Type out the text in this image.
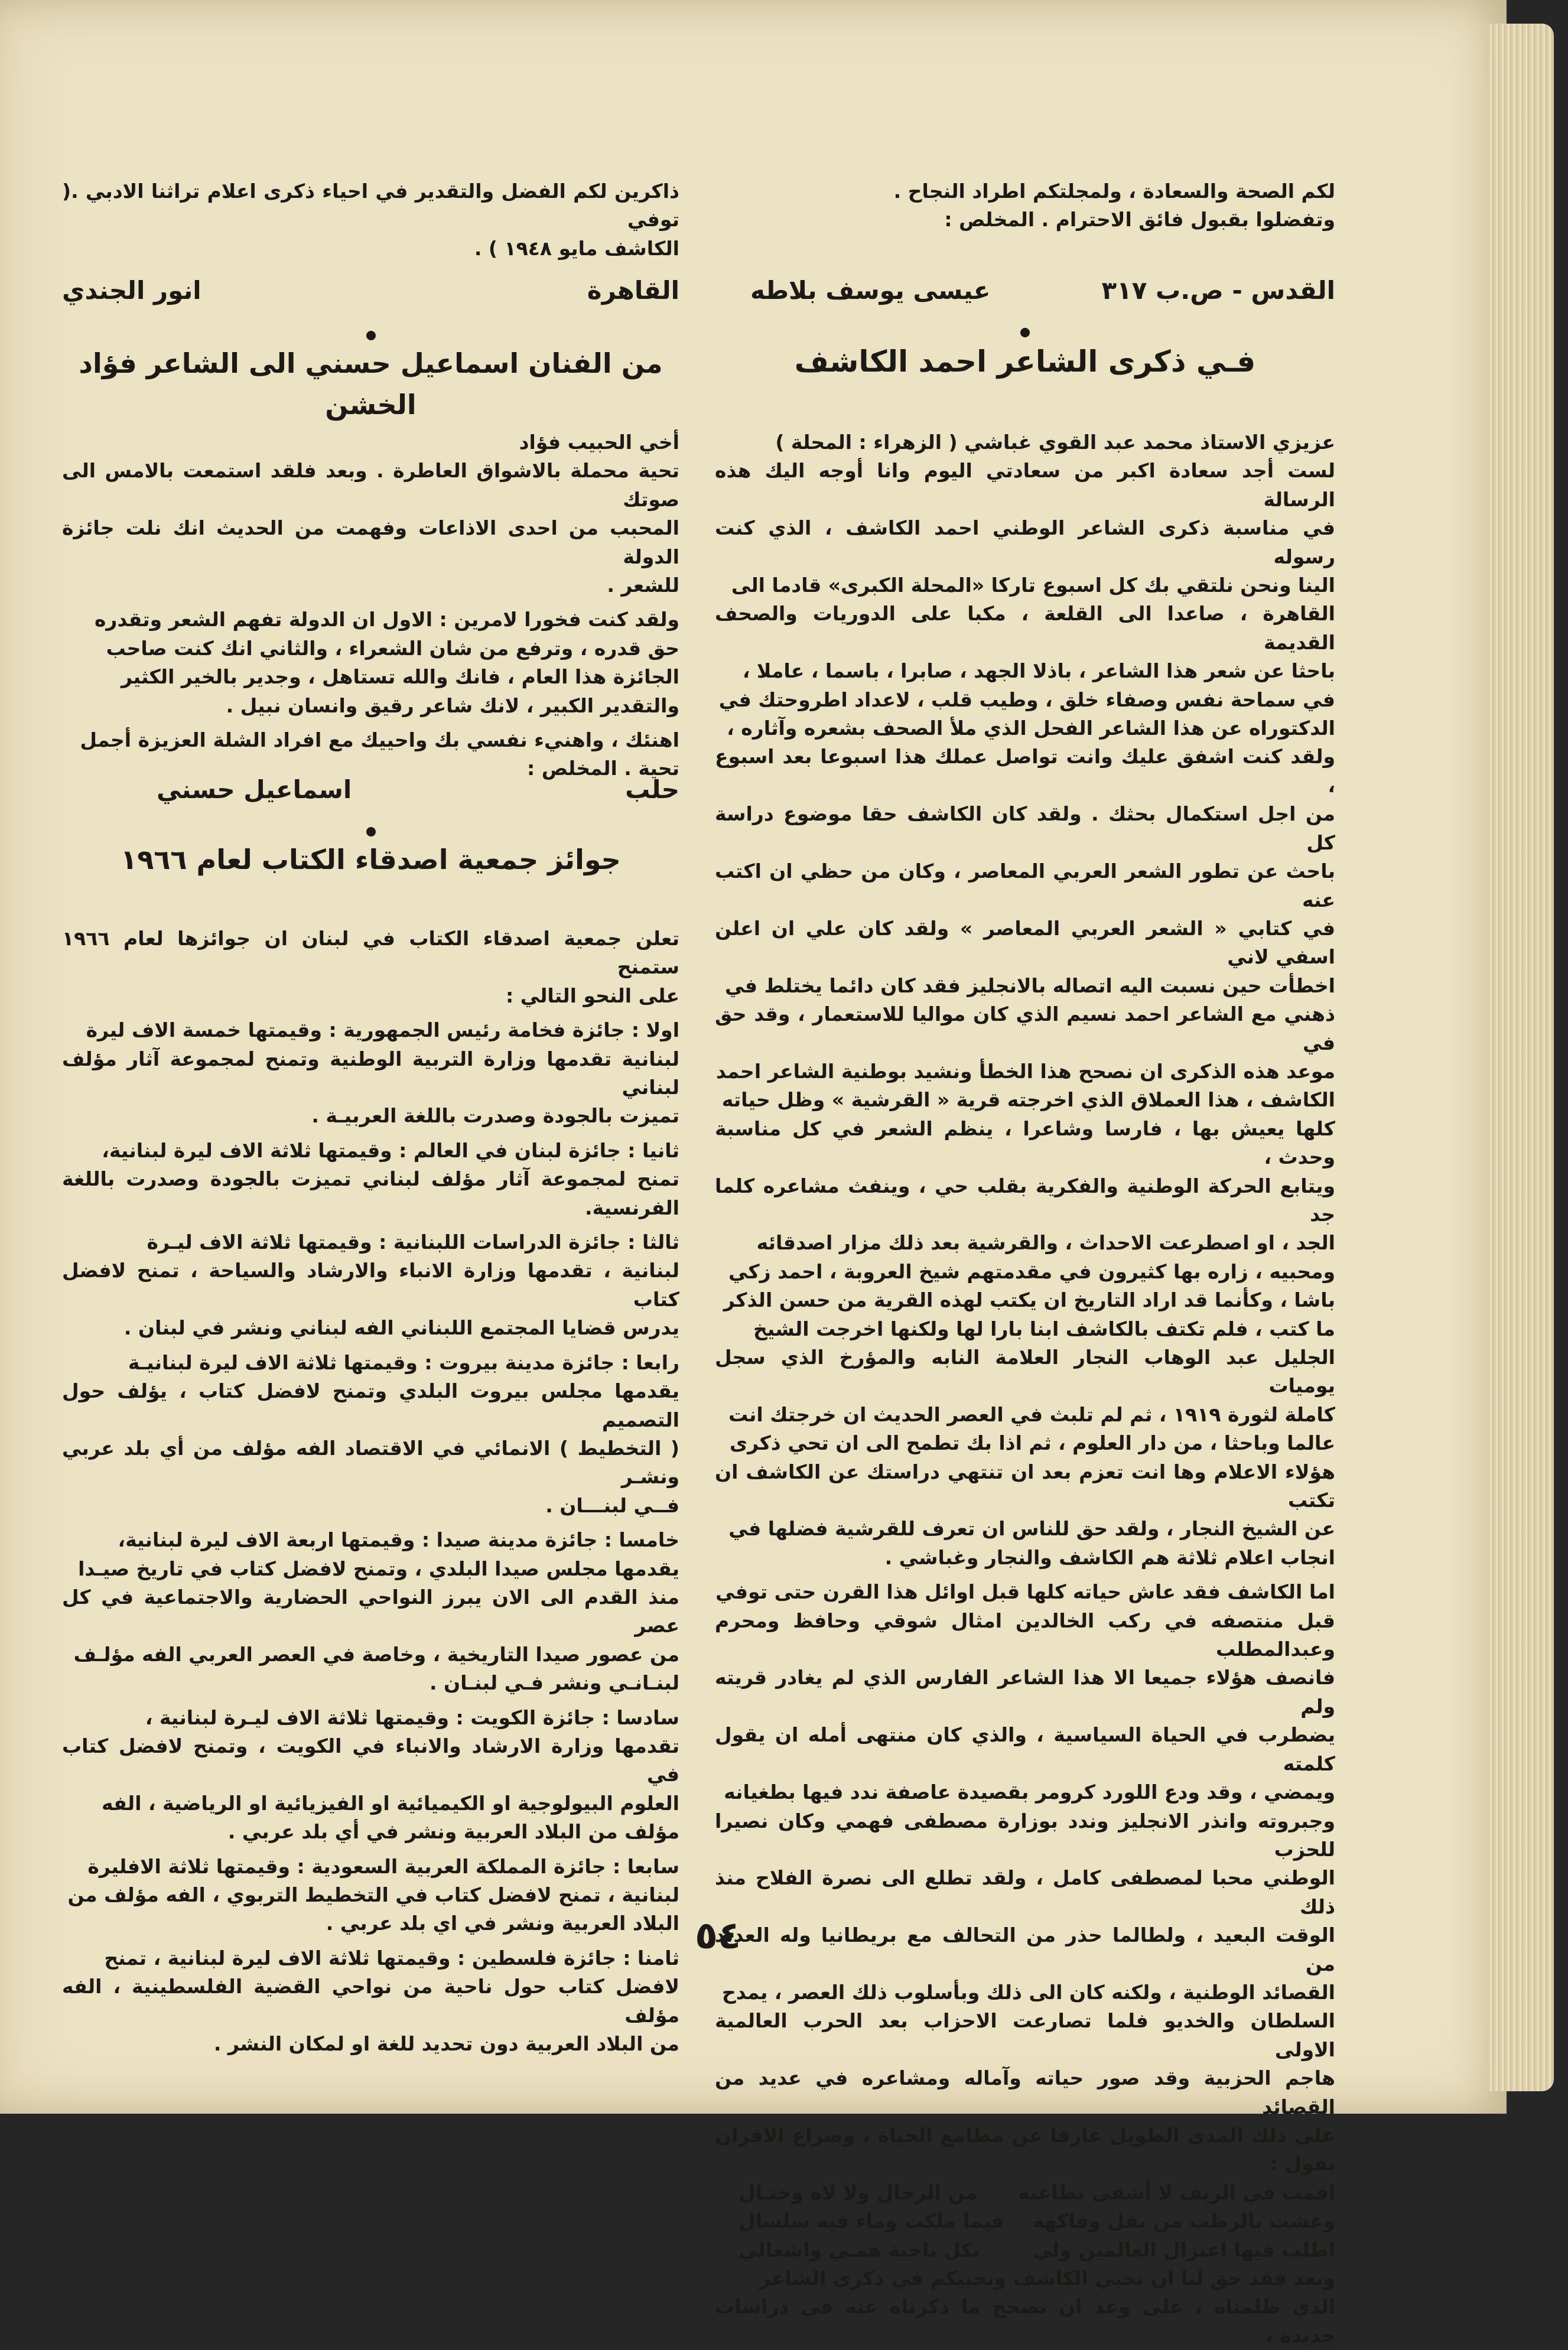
لكم الصحة والسعادة ، ولمجلتكم اطراد النجاح .

وتفضلوا بقبول فائق الاحترام . المخلص :

القدس - ص.ب ٣١٧
عيسى يوسف بلاطه

فـي ذكرى الشاعر احمد الكاشف

عزيزي الاستاذ محمد عبد القوي غباشي ( الزهراء : المحلة )

لست أجد سعادة اكبر من سعادتي اليوم وانا أوجه اليك هذه الرسالة

في مناسبة ذكرى الشاعر الوطني احمد الكاشف ، الذي كنت رسوله

الينا ونحن نلتقي بك كل اسبوع تاركا «المحلة الكبرى» قادما الى

القاهرة ، صاعدا الى القلعة ، مكبا على الدوريات والصحف القديمة

باحثا عن شعر هذا الشاعر ، باذلا الجهد ، صابرا ، باسما ، عاملا ،

في سماحة نفس وصفاء خلق ، وطيب قلب ، لاعداد اطروحتك في

الدكتوراه عن هذا الشاعر الفحل الذي ملأ الصحف بشعره وآثاره ،

ولقد كنت اشفق عليك وانت تواصل عملك هذا اسبوعا بعد اسبوع ،

من اجل استكمال بحثك . ولقد كان الكاشف حقا موضوع دراسة كل

باحث عن تطور الشعر العربي المعاصر ، وكان من حظي ان اكتب عنه

في كتابي « الشعر العربي المعاصر » ولقد كان علي ان اعلن اسفي لاني

اخطأت حين نسبت اليه اتصاله بالانجليز فقد كان دائما يختلط في

ذهني مع الشاعر احمد نسيم الذي كان مواليا للاستعمار ، وقد حق في

موعد هذه الذكرى ان نصحح هذا الخطأ ونشيد بوطنية الشاعر احمد

الكاشف ، هذا العملاق الذي اخرجته قرية « القرشية » وظل حياته

كلها يعيش بها ، فارسا وشاعرا ، ينظم الشعر في كل مناسبة وحدث ،

ويتابع الحركة الوطنية والفكرية بقلب حي ، وينفث مشاعره كلما جد

الجد ، او اصطرعت الاحداث ، والقرشية بعد ذلك مزار اصدقائه

ومحبيه ، زاره بها كثيرون في مقدمتهم شيخ العروبة ، احمد زكي

باشا ، وكأنما قد اراد التاريخ ان يكتب لهذه القرية من حسن الذكر

ما كتب ، فلم تكتف بالكاشف ابنا بارا لها ولكنها اخرجت الشيخ

الجليل عبد الوهاب النجار العلامة النابه والمؤرخ الذي سجل يوميات

كاملة لثورة ١٩١٩ ، ثم لم تلبث في العصر الحديث ان خرجتك انت

عالما وباحثا ، من دار العلوم ، ثم اذا بك تطمح الى ان تحي ذكرى

هؤلاء الاعلام وها انت تعزم بعد ان تنتهي دراستك عن الكاشف ان تكتب

عن الشيخ النجار ، ولقد حق للناس ان تعرف للقرشية فضلها في

انجاب اعلام ثلاثة هم الكاشف والنجار وغباشي .

اما الكاشف فقد عاش حياته كلها قبل اوائل هذا القرن حتى توفي

قبل منتصفه في ركب الخالدين امثال شوقي وحافظ ومحرم وعبدالمطلب

فانصف هؤلاء جميعا الا هذا الشاعر الفارس الذي لم يغادر قريته ولم

يضطرب في الحياة السياسية ، والذي كان منتهى أمله ان يقول كلمته

ويمضي ، وقد ودع اللورد كرومر بقصيدة عاصفة ندد فيها بطغيانه

وجبروته وانذر الانجليز وندد بوزارة مصطفى فهمي وكان نصيرا للحزب

الوطني محبا لمصطفى كامل ، ولقد تطلع الى نصرة الفلاح منذ ذلك

الوقت البعيد ، ولطالما حذر من التحالف مع بريطانيا وله العديد من

القصائد الوطنية ، ولكنه كان الى ذلك وبأسلوب ذلك العصر ، يمدح

السلطان والخديو فلما تصارعت الاحزاب بعد الحرب العالمية الاولى

هاجم الحزبية وقد صور حياته وآماله ومشاعره في عديد من القصائد

على ذلك المدى الطويل عازفا عن مطامع الحياة ، وصراع الاقران يقول :

اقمت في الريف لا أشقى بطاغية
من الرجال ولا لاه وختـال
وعشت بالرطب من بقل وفاكهة
فيما ملكت وماء فيه سلسال
اطلب فيها اعتزال العالمين ولي
بكل ناحية همـي واشغالي

وبعد فقد حق لنا ان نحيي الكاشف ونحييكم في ذكرى الشاعر

الذي ظلمناه ، على وعد ان نصحح ما ذكرناه عنه في دراسات جديدة ،

ذاكرين لكم الفضل والتقدير في احياء ذكرى اعلام تراثنا الادبي .( توفي

الكاشف مايو ١٩٤٨ ) .

القاهرة
انور الجندي

من الفنان اسماعيل حسني الى الشاعر فؤاد الخشن

أخي الحبيب فؤاد

تحية محملة بالاشواق العاطرة . وبعد فلقد استمعت بالامس الى صوتك

المحبب من احدى الاذاعات وفهمت من الحديث انك نلت جائزة الدولة

للشعر .

ولقد كنت فخورا لامرين : الاول ان الدولة تفهم الشعر وتقدره

حق قدره ، وترفع من شان الشعراء ، والثاني انك كنت صاحب

الجائزة هذا العام ، فانك والله تستاهل ، وجدير بالخير الكثير

والتقدير الكبير ، لانك شاعر رقيق وانسان نبيل .

اهنئك ، واهنيء نفسي بك واحييك مع افراد الشلة العزيزة أجمل

تحية . المخلص :

حلب
اسماعيل حسني

جوائز جمعية اصدقاء الكتاب لعام ١٩٦٦

تعلن جمعية اصدقاء الكتاب في لبنان ان جوائزها لعام ١٩٦٦ ستمنح

على النحو التالي :

اولا : جائزة فخامة رئيس الجمهورية : وقيمتها خمسة الاف ليرة

لبنانية تقدمها وزارة التربية الوطنية وتمنح لمجموعة آثار مؤلف لبناني

تميزت بالجودة وصدرت باللغة العربيـة .

ثانيا : جائزة لبنان في العالم : وقيمتها ثلاثة الاف ليرة لبنانية،

تمنح لمجموعة آثار مؤلف لبناني تميزت بالجودة وصدرت باللغة الفرنسية.

ثالثا : جائزة الدراسات اللبنانية : وقيمتها ثلاثة الاف ليـرة

لبنانية ، تقدمها وزارة الانباء والارشاد والسياحة ، تمنح لافضل كتاب

يدرس قضايا المجتمع اللبناني الفه لبناني ونشر في لبنان .

رابعا : جائزة مدينة بيروت : وقيمتها ثلاثة الاف ليرة لبنانيـة

يقدمها مجلس بيروت البلدي وتمنح لافضل كتاب ، يؤلف حول التصميم

( التخطيط ) الانمائي في الاقتصاد الفه مؤلف من أي بلد عربي ونشـر

فــي لبنـــان .

خامسا : جائزة مدينة صيدا : وقيمتها اربعة الاف ليرة لبنانية،

يقدمها مجلس صيدا البلدي ، وتمنح لافضل كتاب في تاريخ صيـدا

منذ القدم الى الان يبرز النواحي الحضارية والاجتماعية في كل عصر

من عصور صيدا التاريخية ، وخاصة في العصر العربي الفه مؤلـف

لبنـانـي ونشر فـي لبنـان .

سادسا : جائزة الكويت : وقيمتها ثلاثة الاف ليـرة لبنانية ،

تقدمها وزارة الارشاد والانباء في الكويت ، وتمنح لافضل كتاب في

العلوم البيولوجية او الكيميائية او الفيزيائية او الرياضية ، الفه

مؤلف من البلاد العربية ونشر في أي بلد عربي .

سابعا : جائزة المملكة العربية السعودية : وقيمتها ثلاثة الافليرة

لبنانية ، تمنح لافضل كتاب في التخطيط التربوي ، الفه مؤلف من

البلاد العربية ونشر في اي بلد عربي .

ثامنا : جائزة فلسطين : وقيمتها ثلاثة الاف ليرة لبنانية ، تمنح

لافضل كتاب حول ناحية من نواحي القضية الفلسطينية ، الفه مؤلف

من البلاد العربية دون تحديد للغة او لمكان النشر .

٥٤
